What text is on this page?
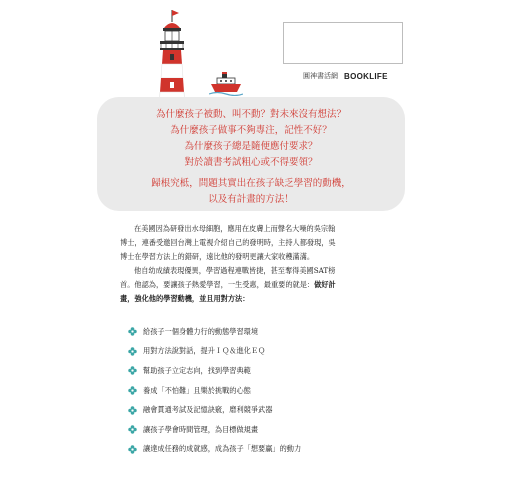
圓神書活網 BOOKLIFE
為什麼孩子被動、叫不動？對未來沒有想法？
為什麼孩子做事不夠專注，記性不好？
為什麼孩子總是隨便應付要求？
對於讀書考試粗心或不得要領？
歸根究柢，問題其實出在孩子缺乏學習的動機，
以及有計畫的方法！

在美國因為研發出水母細胞，應用在皮膚上而聲名大噪的吳宗翰
博士，連番受邀回台灣上電視介紹自己的發明時，主持人都發現，吳
博士在學習方法上的錯研，遠比他的發明更讓大家收穫滿滿。

他自幼成績表現優異，學習過程連戰皆捷，甚至奪得美國SAT榜
首。他認為，要讓孩子熱愛學習，一生受惠，最重要的就是：做好計
畫，強化他的學習動機，並且用對方法：

給孩子一個身體力行的動態學習環境
用對方法說對話，提升ＩＱ＆進化ＥＱ
幫助孩子立定志向，找到學習典範
養成「不怕難」且樂於挑戰的心態
融會貫通考試及記憶訣竅，磨利競爭武器
讓孩子學會時間管理，為目標做規畫
讓達成任務的成就感，成為孩子「想要贏」的動力
